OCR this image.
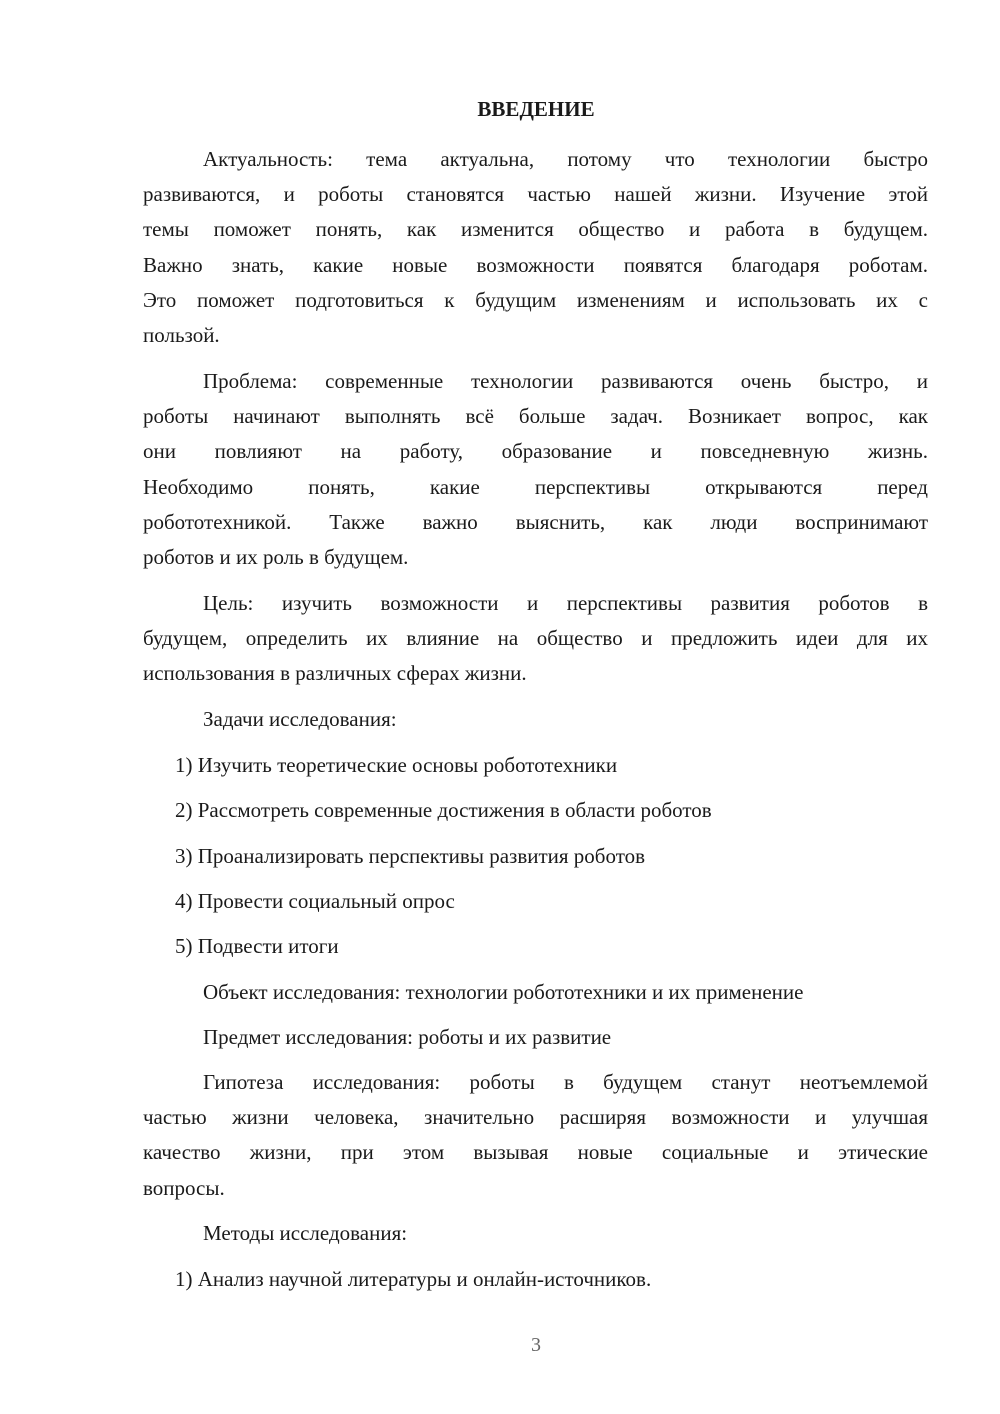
ВВЕДЕНИЕ
Актуальность: тема актуальна, потому что технологии быстро
развиваются, и роботы становятся частью нашей жизни. Изучение этой
темы поможет понять, как изменится общество и работа в будущем.
Важно знать, какие новые возможности появятся благодаря роботам.
Это поможет подготовиться к будущим изменениям и использовать их с
пользой.
Проблема: современные технологии развиваются очень быстро, и
роботы начинают выполнять всё больше задач. Возникает вопрос, как
они повлияют на работу, образование и повседневную жизнь.
Необходимо понять, какие перспективы открываются перед
робототехникой. Также важно выяснить, как люди воспринимают
роботов и их роль в будущем.
Цель: изучить возможности и перспективы развития роботов в
будущем, определить их влияние на общество и предложить идеи для их
использования в различных сферах жизни.
Задачи исследования:
1) Изучить теоретические основы робототехники
2) Рассмотреть современные достижения в области роботов
3) Проанализировать перспективы развития роботов
4) Провести социальный опрос
5) Подвести итоги
Объект исследования: технологии робототехники и их применение
Предмет исследования: роботы и их развитие
Гипотеза исследования: роботы в будущем станут неотъемлемой
частью жизни человека, значительно расширяя возможности и улучшая
качество жизни, при этом вызывая новые социальные и этические
вопросы.
Методы исследования:
1) Анализ научной литературы и онлайн-источников.
3
